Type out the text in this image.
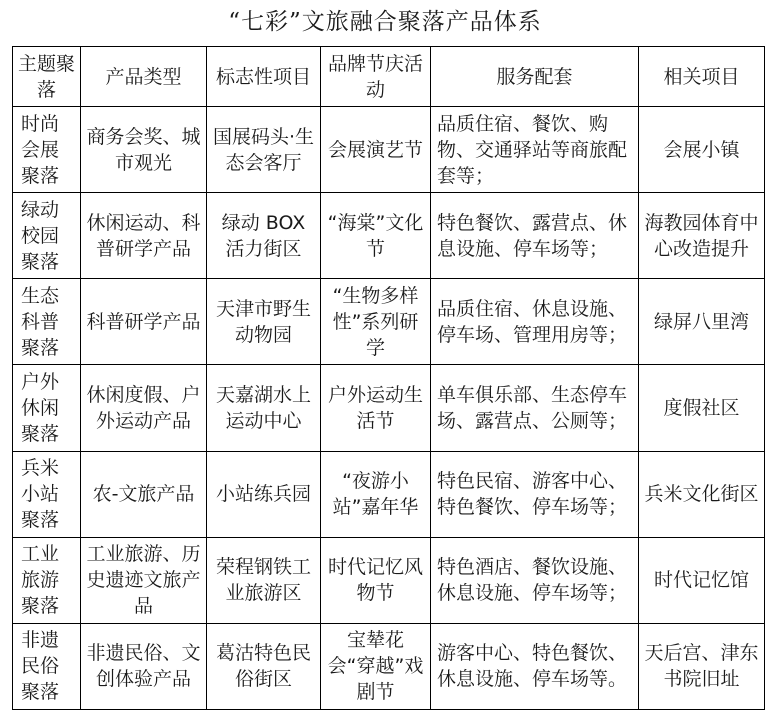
“七彩”文旅融合聚落产品体系
主题聚落	产品类型	标志性项目	品牌节庆活动	服务配套	相关项目
时尚会展聚落	商务会奖、城市观光	国展码头·生态会客厅	会展演艺节	品质住宿、餐饮、购物、交通驿站等商旅配套等；	会展小镇
绿动校园聚落	休闲运动、科普研学产品	绿动 BOX 活力街区	“海棠”文化节	特色餐饮、露营点、休息设施、停车场等；	海教园体育中心改造提升
生态科普聚落	科普研学产品	天津市野生动物园	“生物多样性”系列研学	品质住宿、休息设施、停车场、管理用房等；	绿屏八里湾
户外休闲聚落	休闲度假、户外运动产品	天嘉湖水上运动中心	户外运动生活节	单车俱乐部、生态停车场、露营点、公厕等；	度假社区
兵米小站聚落	农-文旅产品	小站练兵园	“夜游小站”嘉年华	特色民宿、游客中心、特色餐饮、停车场等；	兵米文化街区
工业旅游聚落	工业旅游、历史遗迹文旅产品	荣程钢铁工业旅游区	时代记忆风物节	特色酒店、餐饮设施、休息设施、停车场等；	时代记忆馆
非遗民俗聚落	非遗民俗、文创体验产品	葛沽特色民俗街区	宝辇花会“穿越”戏剧节	游客中心、特色餐饮、休息设施、停车场等。	天后宫、津东书院旧址
